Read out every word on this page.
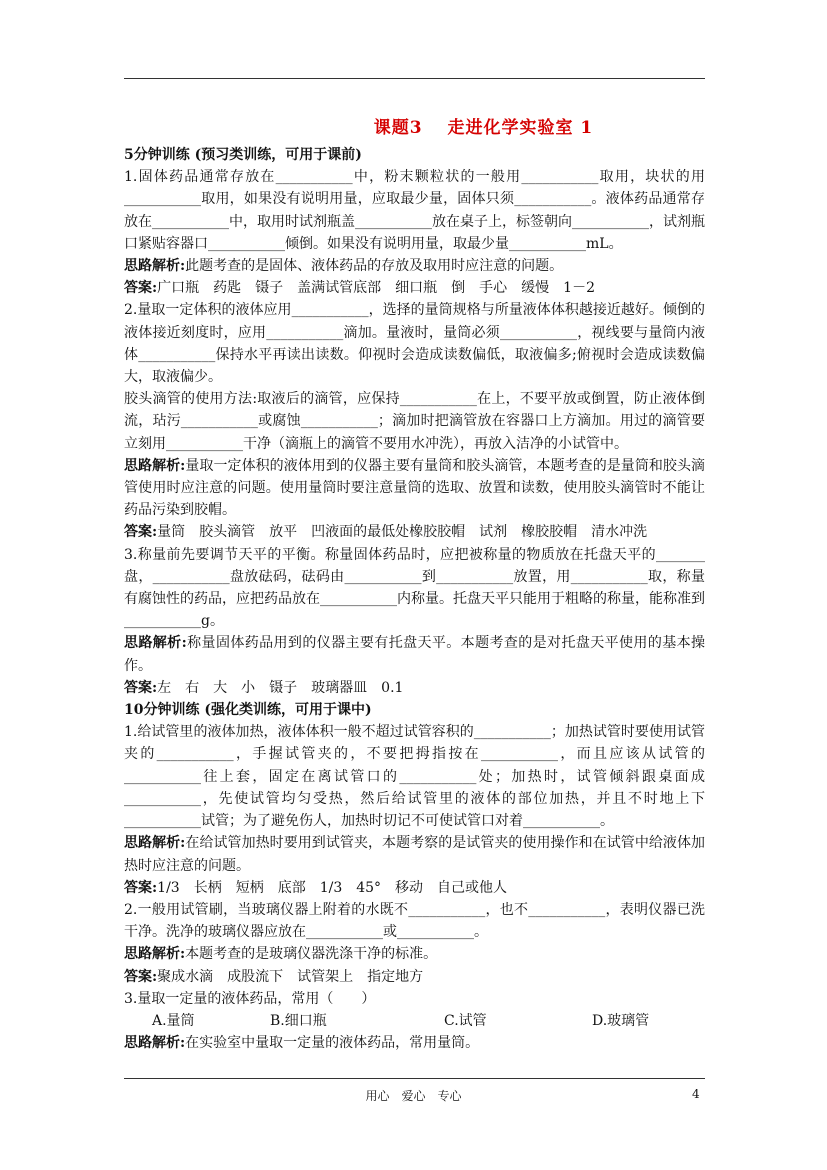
课题3　 走进化学实验室 1

5分钟训练 (预习类训练，可用于课前)

1.固体药品通常存放在___________中，粉末颗粒状的一般用___________取用，块状的用___________取用，如果没有说明用量，应取最少量，固体只须___________。液体药品通常存放在___________中，取用时试剂瓶盖___________放在桌子上，标签朝向___________，试剂瓶口紧贴容器口___________倾倒。如果没有说明用量，取最少量___________mL。

思路解析:此题考查的是固体、液体药品的存放及取用时应注意的问题。

答案:广口瓶　药匙　镊子　盖满试管底部　细口瓶　倒　手心　缓慢　1－2

2.量取一定体积的液体应用___________，选择的量筒规格与所量液体体积越接近越好。倾倒的液体接近刻度时，应用___________滴加。量液时，量筒必须___________，视线要与量筒内液体___________保持水平再读出读数。仰视时会造成读数偏低，取液偏多;俯视时会造成读数偏大，取液偏少。

胶头滴管的使用方法:取液后的滴管，应保持___________在上，不要平放或倒置，防止液体倒流，玷污___________或腐蚀___________；滴加时把滴管放在容器口上方滴加。用过的滴管要立刻用___________干净（滴瓶上的滴管不要用水冲洗），再放入洁净的小试管中。

思路解析:量取一定体积的液体用到的仪器主要有量筒和胶头滴管，本题考查的是量筒和胶头滴管使用时应注意的问题。使用量筒时要注意量筒的选取、放置和读数，使用胶头滴管时不能让药品污染到胶帽。

答案:量筒　胶头滴管　放平　凹液面的最低处橡胶胶帽　试剂　橡胶胶帽　清水冲洗

3.称量前先要调节天平的平衡。称量固体药品时，应把被称量的物质放在托盘天平的_______盘，___________盘放砝码，砝码由___________到___________放置，用___________取，称量有腐蚀性的药品，应把药品放在___________内称量。托盘天平只能用于粗略的称量，能称准到___________g。

思路解析:称量固体药品用到的仪器主要有托盘天平。本题考查的是对托盘天平使用的基本操作。

答案:左　右　大　小　镊子　玻璃器皿　0.1

10分钟训练 (强化类训练，可用于课中)

1.给试管里的液体加热，液体体积一般不超过试管容积的___________；加热试管时要使用试管夹的___________，手握试管夹的，不要把拇指按在___________，而且应该从试管的___________往上套，固定在离试管口的___________处；加热时，试管倾斜跟桌面成___________，先使试管均匀受热，然后给试管里的液体的部位加热，并且不时地上下___________试管；为了避免伤人，加热时切记不可使试管口对着___________。

思路解析:在给试管加热时要用到试管夹，本题考察的是试管夹的使用操作和在试管中给液体加热时应注意的问题。

答案:1/3　长柄　短柄　底部　1/3　45°　移动　自己或他人

2.一般用试管刷，当玻璃仪器上附着的水既不___________，也不___________，表明仪器已洗干净。洗净的玻璃仪器应放在___________或___________。

思路解析:本题考查的是玻璃仪器洗涤干净的标准。

答案:聚成水滴　成股流下　试管架上　指定地方

3.量取一定量的液体药品，常用（　　）

A.量筒	B.细口瓶	C.试管	D.玻璃管

思路解析:在实验室中量取一定量的液体药品，常用量筒。

用心　爱心　专心	4
